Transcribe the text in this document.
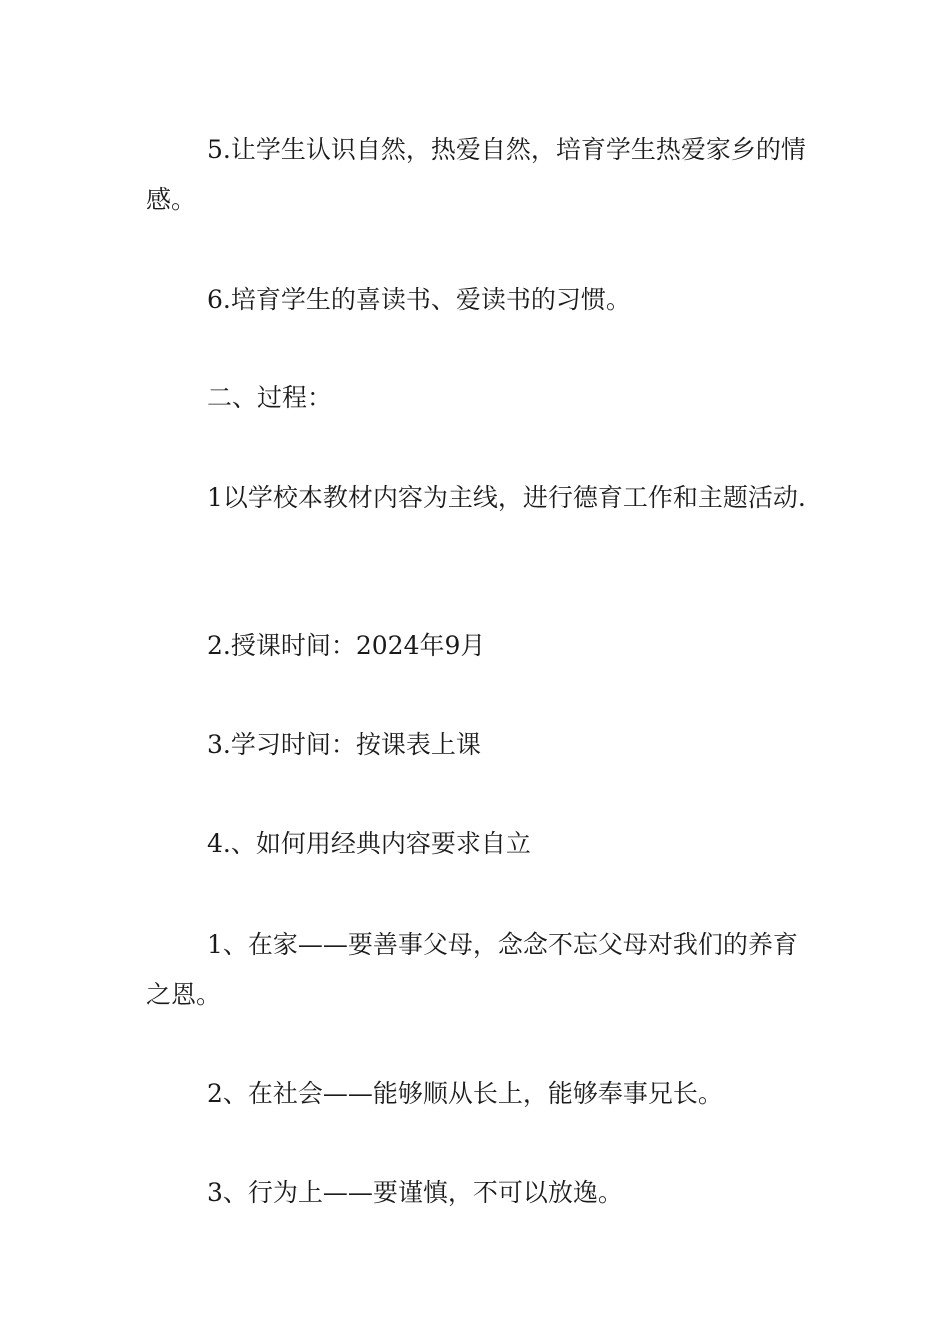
5.让学生认识自然，热爱自然，培育学生热爱家乡的情感。

6.培育学生的喜读书、爱读书的习惯。

二、过程：

1以学校本教材内容为主线，进行德育工作和主题活动.

2.授课时间：2024年9月

3.学习时间：按课表上课

4.、如何用经典内容要求自立

1、在家——要善事父母，念念不忘父母对我们的养育之恩。

2、在社会——能够顺从长上，能够奉事兄长。

3、行为上——要谨慎，不可以放逸。
